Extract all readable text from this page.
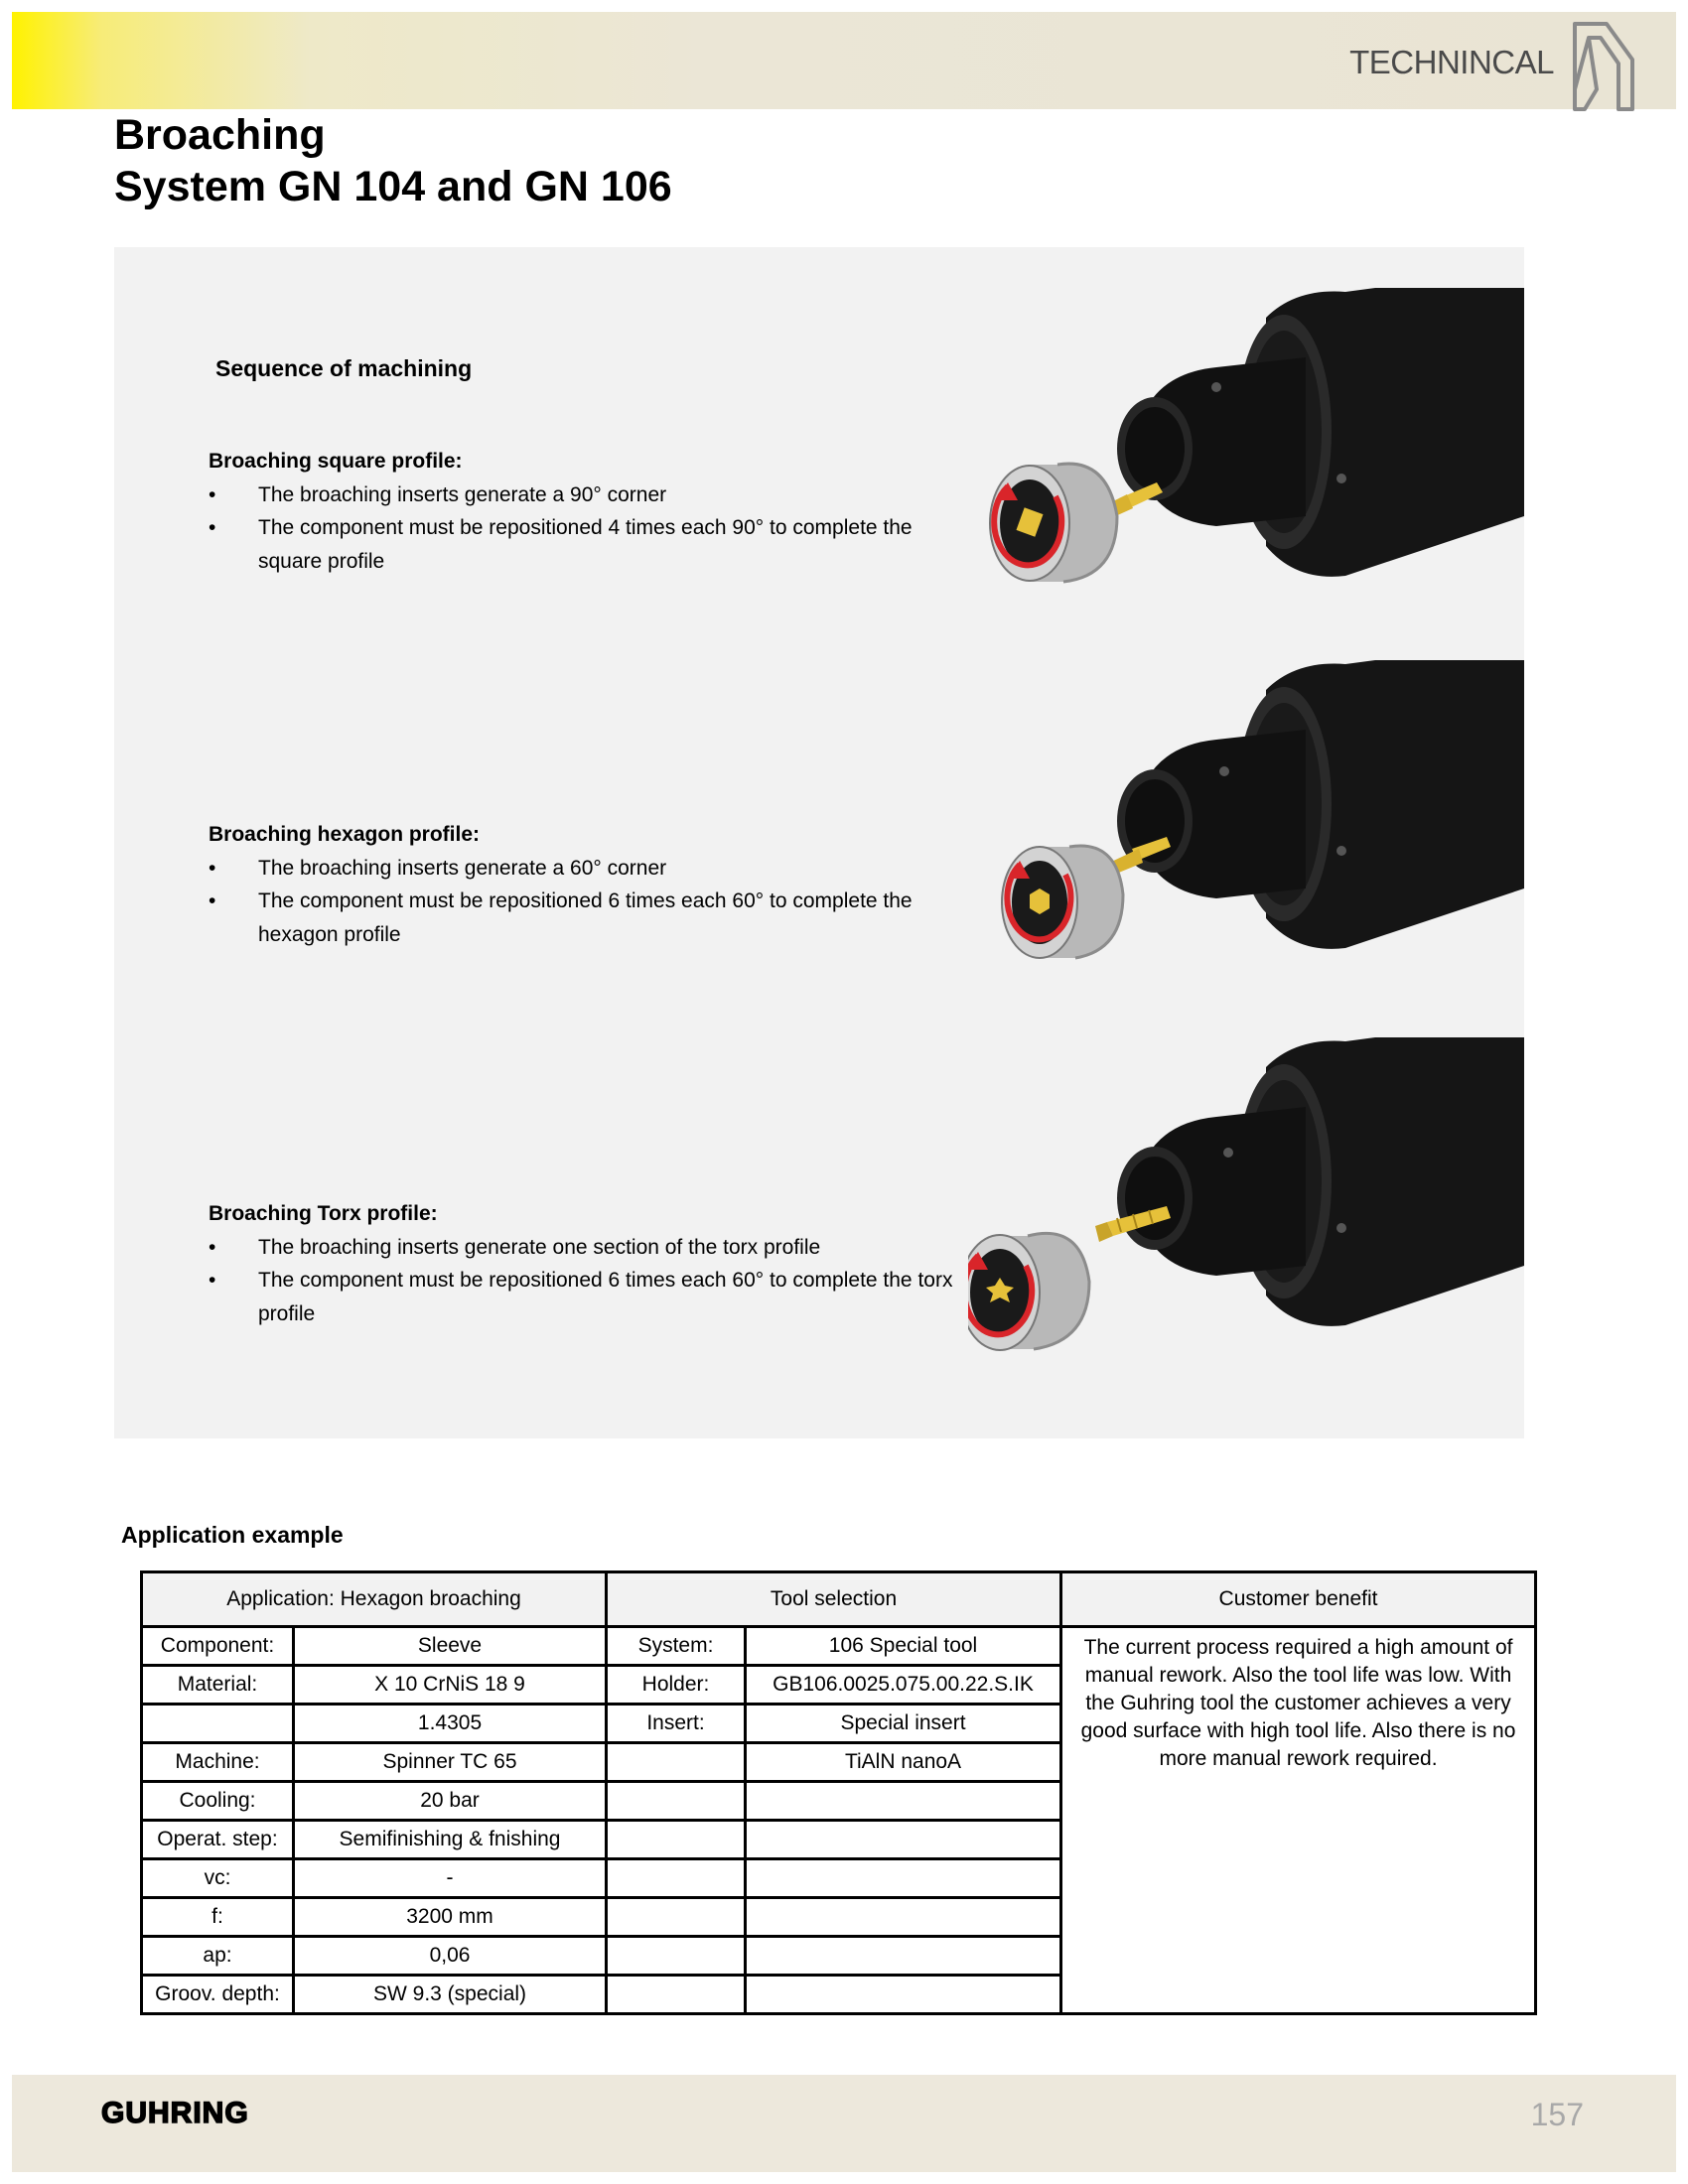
TECHNINCAL
Broaching
System GN 104 and GN 106
Sequence of machining
Broaching square profile:
• The broaching inserts generate a 90° corner
• The component must be repositioned 4 times each 90° to complete the square profile
Broaching hexagon profile:
• The broaching inserts generate a 60° corner
• The component must be repositioned 6 times each 60° to complete the hexagon profile
Broaching Torx profile:
• The broaching inserts generate one section of the torx profile
• The component must be repositioned 6 times each 60° to complete the torx profile
Application example
Application: Hexagon broaching		Tool selection		Customer benefit
Component:	Sleeve	System:	106 Special tool	The current process required a high amount of manual rework. Also the tool life was low. With the Guhring tool the customer achieves a very good surface with high tool life. Also there is no more manual rework required.
Material:	X 10 CrNiS 18 9	Holder:	GB106.0025.075.00.22.S.IK	
	1.4305	Insert:	Special insert	
Machine:	Spinner TC 65		TiAlN nanoA	
Cooling:	20 bar			
Operat. step:	Semifinishing & fnishing			
vc:	-			
f:	3200 mm			
ap:	0,06			
Groov. depth:	SW 9.3 (special)			
GUHRING	157
